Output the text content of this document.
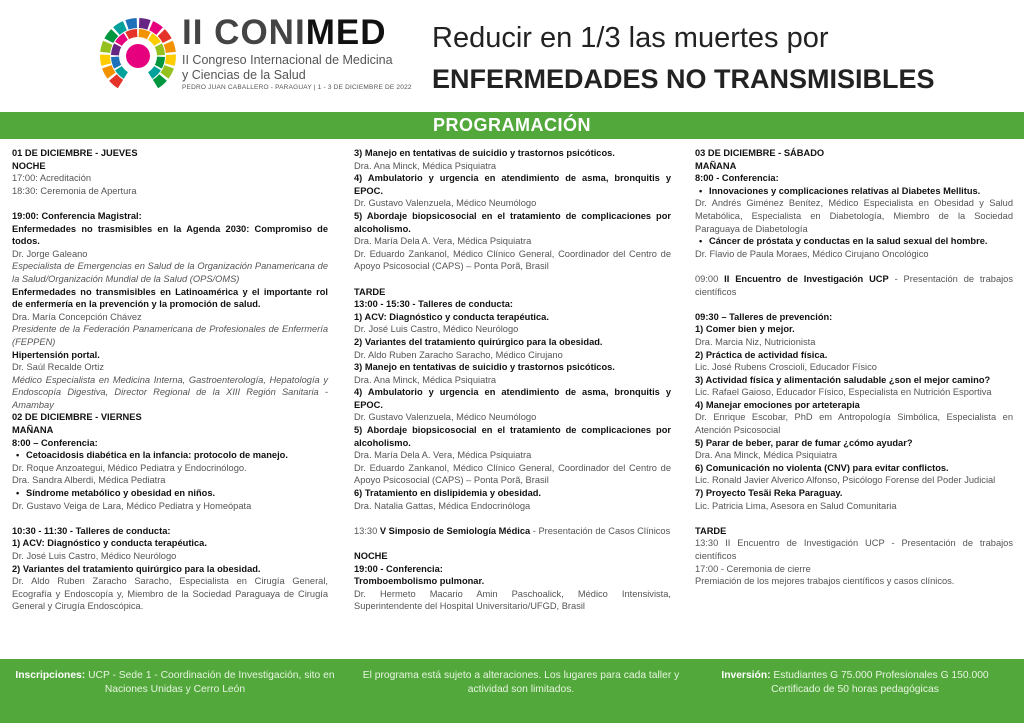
II CONIMED
II Congreso Internacional de Medicina
y Ciencias de la Salud
PEDRO JUAN CABALLERO - PARAGUAY | 1 - 3 DE DICIEMBRE DE 2022
Reducir en 1/3 las muertes por
ENFERMEDADES NO TRANSMISIBLES
PROGRAMACIÓN
01 DE DICIEMBRE - JUEVES
NOCHE
17:00: Acreditación
18:30: Ceremonia de Apertura
19:00: Conferencia Magistral:
Enfermedades no trasmisibles en la Agenda 2030: Compromiso de todos.
Dr. Jorge Galeano
Especialista de Emergencias en Salud de la Organización Panamericana de la Salud/Organización Mundial de la Salud (OPS/OMS)
Enfermedades no transmisibles en Latinoamérica y el importante rol de enfermería en la prevención y la promoción de salud.
Dra. María Concepción Chávez
Presidente de la Federación Panamericana de Profesionales de Enfermería (FEPPEN)
Hipertensión portal.
Dr. Saúl Recalde Ortiz
Médico Especialista en Medicina Interna, Gastroenterología, Hepatología y Endoscopía Digestiva, Director Regional de la XIII Región Sanitaria - Amambay
02 DE DICIEMBRE - VIERNES
MAÑANA
8:00 – Conferencia:
• Cetoacidosis diabética en la infancia: protocolo de manejo.
Dr. Roque Anzoategui, Médico Pediatra y Endocrinólogo.
Dra. Sandra Alberdi, Médica Pediatra
• Síndrome metabólico y obesidad en niños.
Dr. Gustavo Veiga de Lara, Médico Pediatra y Homeópata
10:30 - 11:30 - Talleres de conducta:
1) ACV: Diagnóstico y conducta terapéutica.
Dr. José Luis Castro, Médico Neurólogo
2) Variantes del tratamiento quirúrgico para la obesidad.
Dr. Aldo Ruben Zaracho Saracho, Especialista en Cirugía General, Ecografía y Endoscopía y, Miembro de la Sociedad Paraguaya de Cirugía General y Cirugía Endoscópica.
3) Manejo en tentativas de suicidio y trastornos psicóticos.
Dra. Ana Minck, Médica Psiquiatra
4) Ambulatorio y urgencia en atendimiento de asma, bronquitis y EPOC.
Dr. Gustavo Valenzuela, Médico Neumólogo
5) Abordaje biopsicosocial en el tratamiento de complicaciones por alcoholismo.
Dra. María Dela A. Vera, Médica Psiquiatra
Dr. Eduardo Zankanol, Médico Clínico General, Coordinador del Centro de Apoyo Psicosocial (CAPS) – Ponta Porã, Brasil
TARDE
13:00 - 15:30 - Talleres de conducta:
1) ACV: Diagnóstico y conducta terapéutica.
Dr. José Luis Castro, Médico Neurólogo
2) Variantes del tratamiento quirúrgico para la obesidad.
Dr. Aldo Ruben Zaracho Saracho, Médico Cirujano
3) Manejo en tentativas de suicidio y trastornos psicóticos.
Dra. Ana Minck, Médica Psiquiatra
4) Ambulatorio y urgencia en atendimiento de asma, bronquitis y EPOC.
Dr. Gustavo Valenzuela, Médico Neumólogo
5) Abordaje biopsicosocial en el tratamiento de complicaciones por alcoholismo.
Dra. María Dela A. Vera, Médica Psiquiatra
Dr. Eduardo Zankanol, Médico Clínico General, Coordinador del Centro de Apoyo Psicosocial (CAPS) – Ponta Porã, Brasil
6) Tratamiento en dislipidemia y obesidad.
Dra. Natalia Gattas, Médica Endocrinóloga
13:30 V Simposio de Semiología Médica - Presentación de Casos Clínicos
NOCHE
19:00 - Conferencia:
Tromboembolismo pulmonar.
Dr. Hermeto Macario Amin Paschoalick, Médico Intensivista, Superintendente del Hospital Universitario/UFGD, Brasil
03 DE DICIEMBRE - SÁBADO
MAÑANA
8:00 - Conferencia:
• Innovaciones y complicaciones relativas al Diabetes Mellitus.
Dr. Andrés Giménez Benítez, Médico Especialista en Obesidad y Salud Metabólica, Especialista en Diabetología, Miembro de la Sociedad Paraguaya de Diabetología
• Cáncer de próstata y conductas en la salud sexual del hombre.
Dr. Flavio de Paula Moraes, Médico Cirujano Oncológico
09:00 II Encuentro de Investigación UCP - Presentación de trabajos científicos
09:30 – Talleres de prevención:
1) Comer bien y mejor.
Dra. Marcia Niz, Nutricionista
2) Práctica de actividad física.
Lic. José Rubens Croscioli, Educador Físico
3) Actividad física y alimentación saludable ¿son el mejor camino?
Lic. Rafael Gaioso, Educador Físico, Especialista en Nutrición Esportiva
4) Manejar emociones por arteterapia
Dr. Enrique Escobar, PhD em Antropología Simbólica, Especialista en Atención Psicosocial
5) Parar de beber, parar de fumar ¿cómo ayudar?
Dra. Ana Minck, Médica Psiquiatra
6) Comunicación no violenta (CNV) para evitar conflictos.
Lic. Ronald Javier Alverico Alfonso, Psicólogo Forense del Poder Judicial
7) Proyecto Tesãi Reka Paraguay.
Lic. Patricia Lima, Asesora en Salud Comunitaria
TARDE
13:30 II Encuentro de Investigación UCP - Presentación de trabajos científicos
17:00 - Ceremonia de cierre
Premiación de los mejores trabajos científicos y casos clínicos.
Inscripciones: UCP - Sede 1 - Coordinación de Investigación, sito en Naciones Unidas y Cerro León
El programa está sujeto a alteraciones. Los lugares para cada taller y actividad son limitados.
Inversión: Estudiantes G 75.000 Profesionales G 150.000 Certificado de 50 horas pedagógicas
